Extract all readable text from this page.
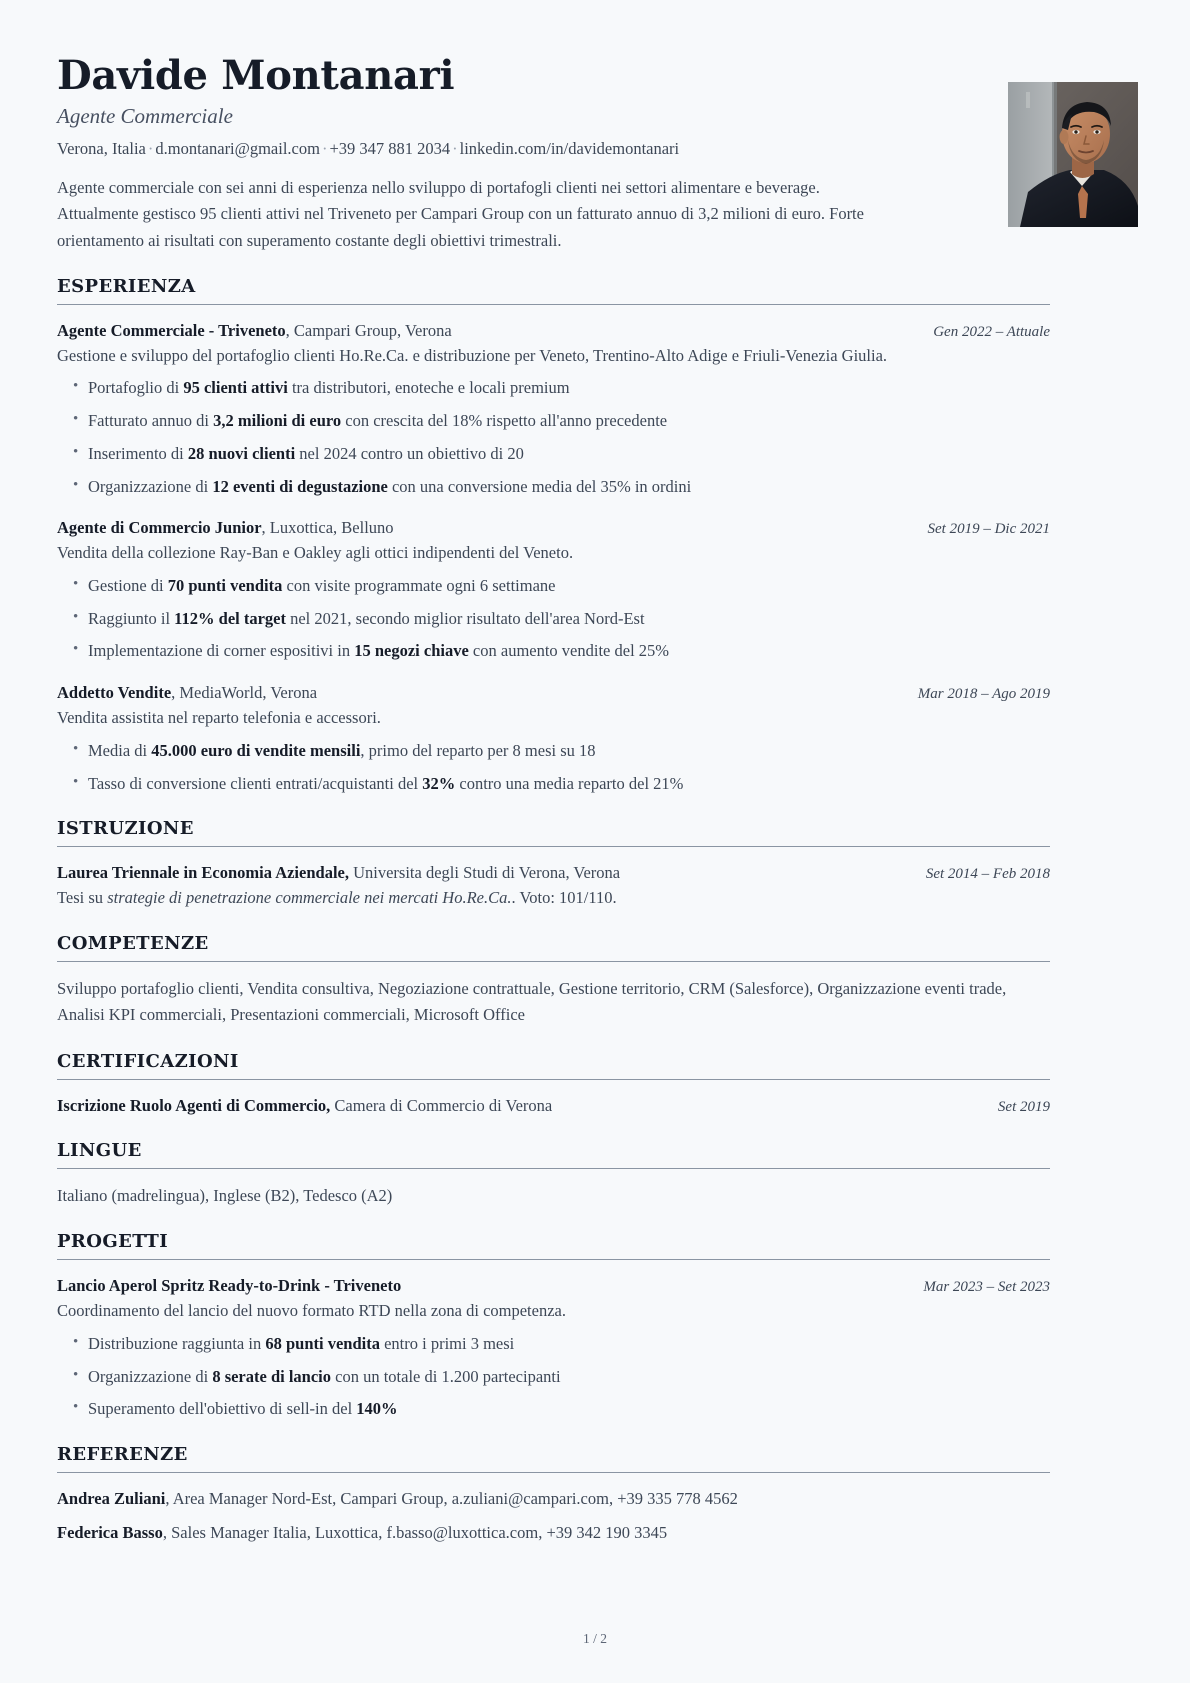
Davide Montanari
Agente Commerciale
Verona, Italia · d.montanari@gmail.com · +39 347 881 2034 · linkedin.com/in/davidemontanari
Agente commerciale con sei anni di esperienza nello sviluppo di portafogli clienti nei settori alimentare e beverage. Attualmente gestisco 95 clienti attivi nel Triveneto per Campari Group con un fatturato annuo di 3,2 milioni di euro. Forte orientamento ai risultati con superamento costante degli obiettivi trimestrali.
ESPERIENZA
Agente Commerciale - Triveneto, Campari Group, Verona	Gen 2022 – Attuale
Gestione e sviluppo del portafoglio clienti Ho.Re.Ca. e distribuzione per Veneto, Trentino-Alto Adige e Friuli-Venezia Giulia.
• Portafoglio di 95 clienti attivi tra distributori, enoteche e locali premium
• Fatturato annuo di 3,2 milioni di euro con crescita del 18% rispetto all'anno precedente
• Inserimento di 28 nuovi clienti nel 2024 contro un obiettivo di 20
• Organizzazione di 12 eventi di degustazione con una conversione media del 35% in ordini
Agente di Commercio Junior, Luxottica, Belluno	Set 2019 – Dic 2021
Vendita della collezione Ray-Ban e Oakley agli ottici indipendenti del Veneto.
• Gestione di 70 punti vendita con visite programmate ogni 6 settimane
• Raggiunto il 112% del target nel 2021, secondo miglior risultato dell'area Nord-Est
• Implementazione di corner espositivi in 15 negozi chiave con aumento vendite del 25%
Addetto Vendite, MediaWorld, Verona	Mar 2018 – Ago 2019
Vendita assistita nel reparto telefonia e accessori.
• Media di 45.000 euro di vendite mensili, primo del reparto per 8 mesi su 18
• Tasso di conversione clienti entrati/acquistanti del 32% contro una media reparto del 21%
ISTRUZIONE
Laurea Triennale in Economia Aziendale, Universita degli Studi di Verona, Verona	Set 2014 – Feb 2018
Tesi su strategie di penetrazione commerciale nei mercati Ho.Re.Ca.. Voto: 101/110.
COMPETENZE
Sviluppo portafoglio clienti, Vendita consultiva, Negoziazione contrattuale, Gestione territorio, CRM (Salesforce), Organizzazione eventi trade, Analisi KPI commerciali, Presentazioni commerciali, Microsoft Office
CERTIFICAZIONI
Iscrizione Ruolo Agenti di Commercio, Camera di Commercio di Verona	Set 2019
LINGUE
Italiano (madrelingua), Inglese (B2), Tedesco (A2)
PROGETTI
Lancio Aperol Spritz Ready-to-Drink - Triveneto	Mar 2023 – Set 2023
Coordinamento del lancio del nuovo formato RTD nella zona di competenza.
• Distribuzione raggiunta in 68 punti vendita entro i primi 3 mesi
• Organizzazione di 8 serate di lancio con un totale di 1.200 partecipanti
• Superamento dell'obiettivo di sell-in del 140%
REFERENZE
Andrea Zuliani, Area Manager Nord-Est, Campari Group, a.zuliani@campari.com, +39 335 778 4562
Federica Basso, Sales Manager Italia, Luxottica, f.basso@luxottica.com, +39 342 190 3345
1 / 2
